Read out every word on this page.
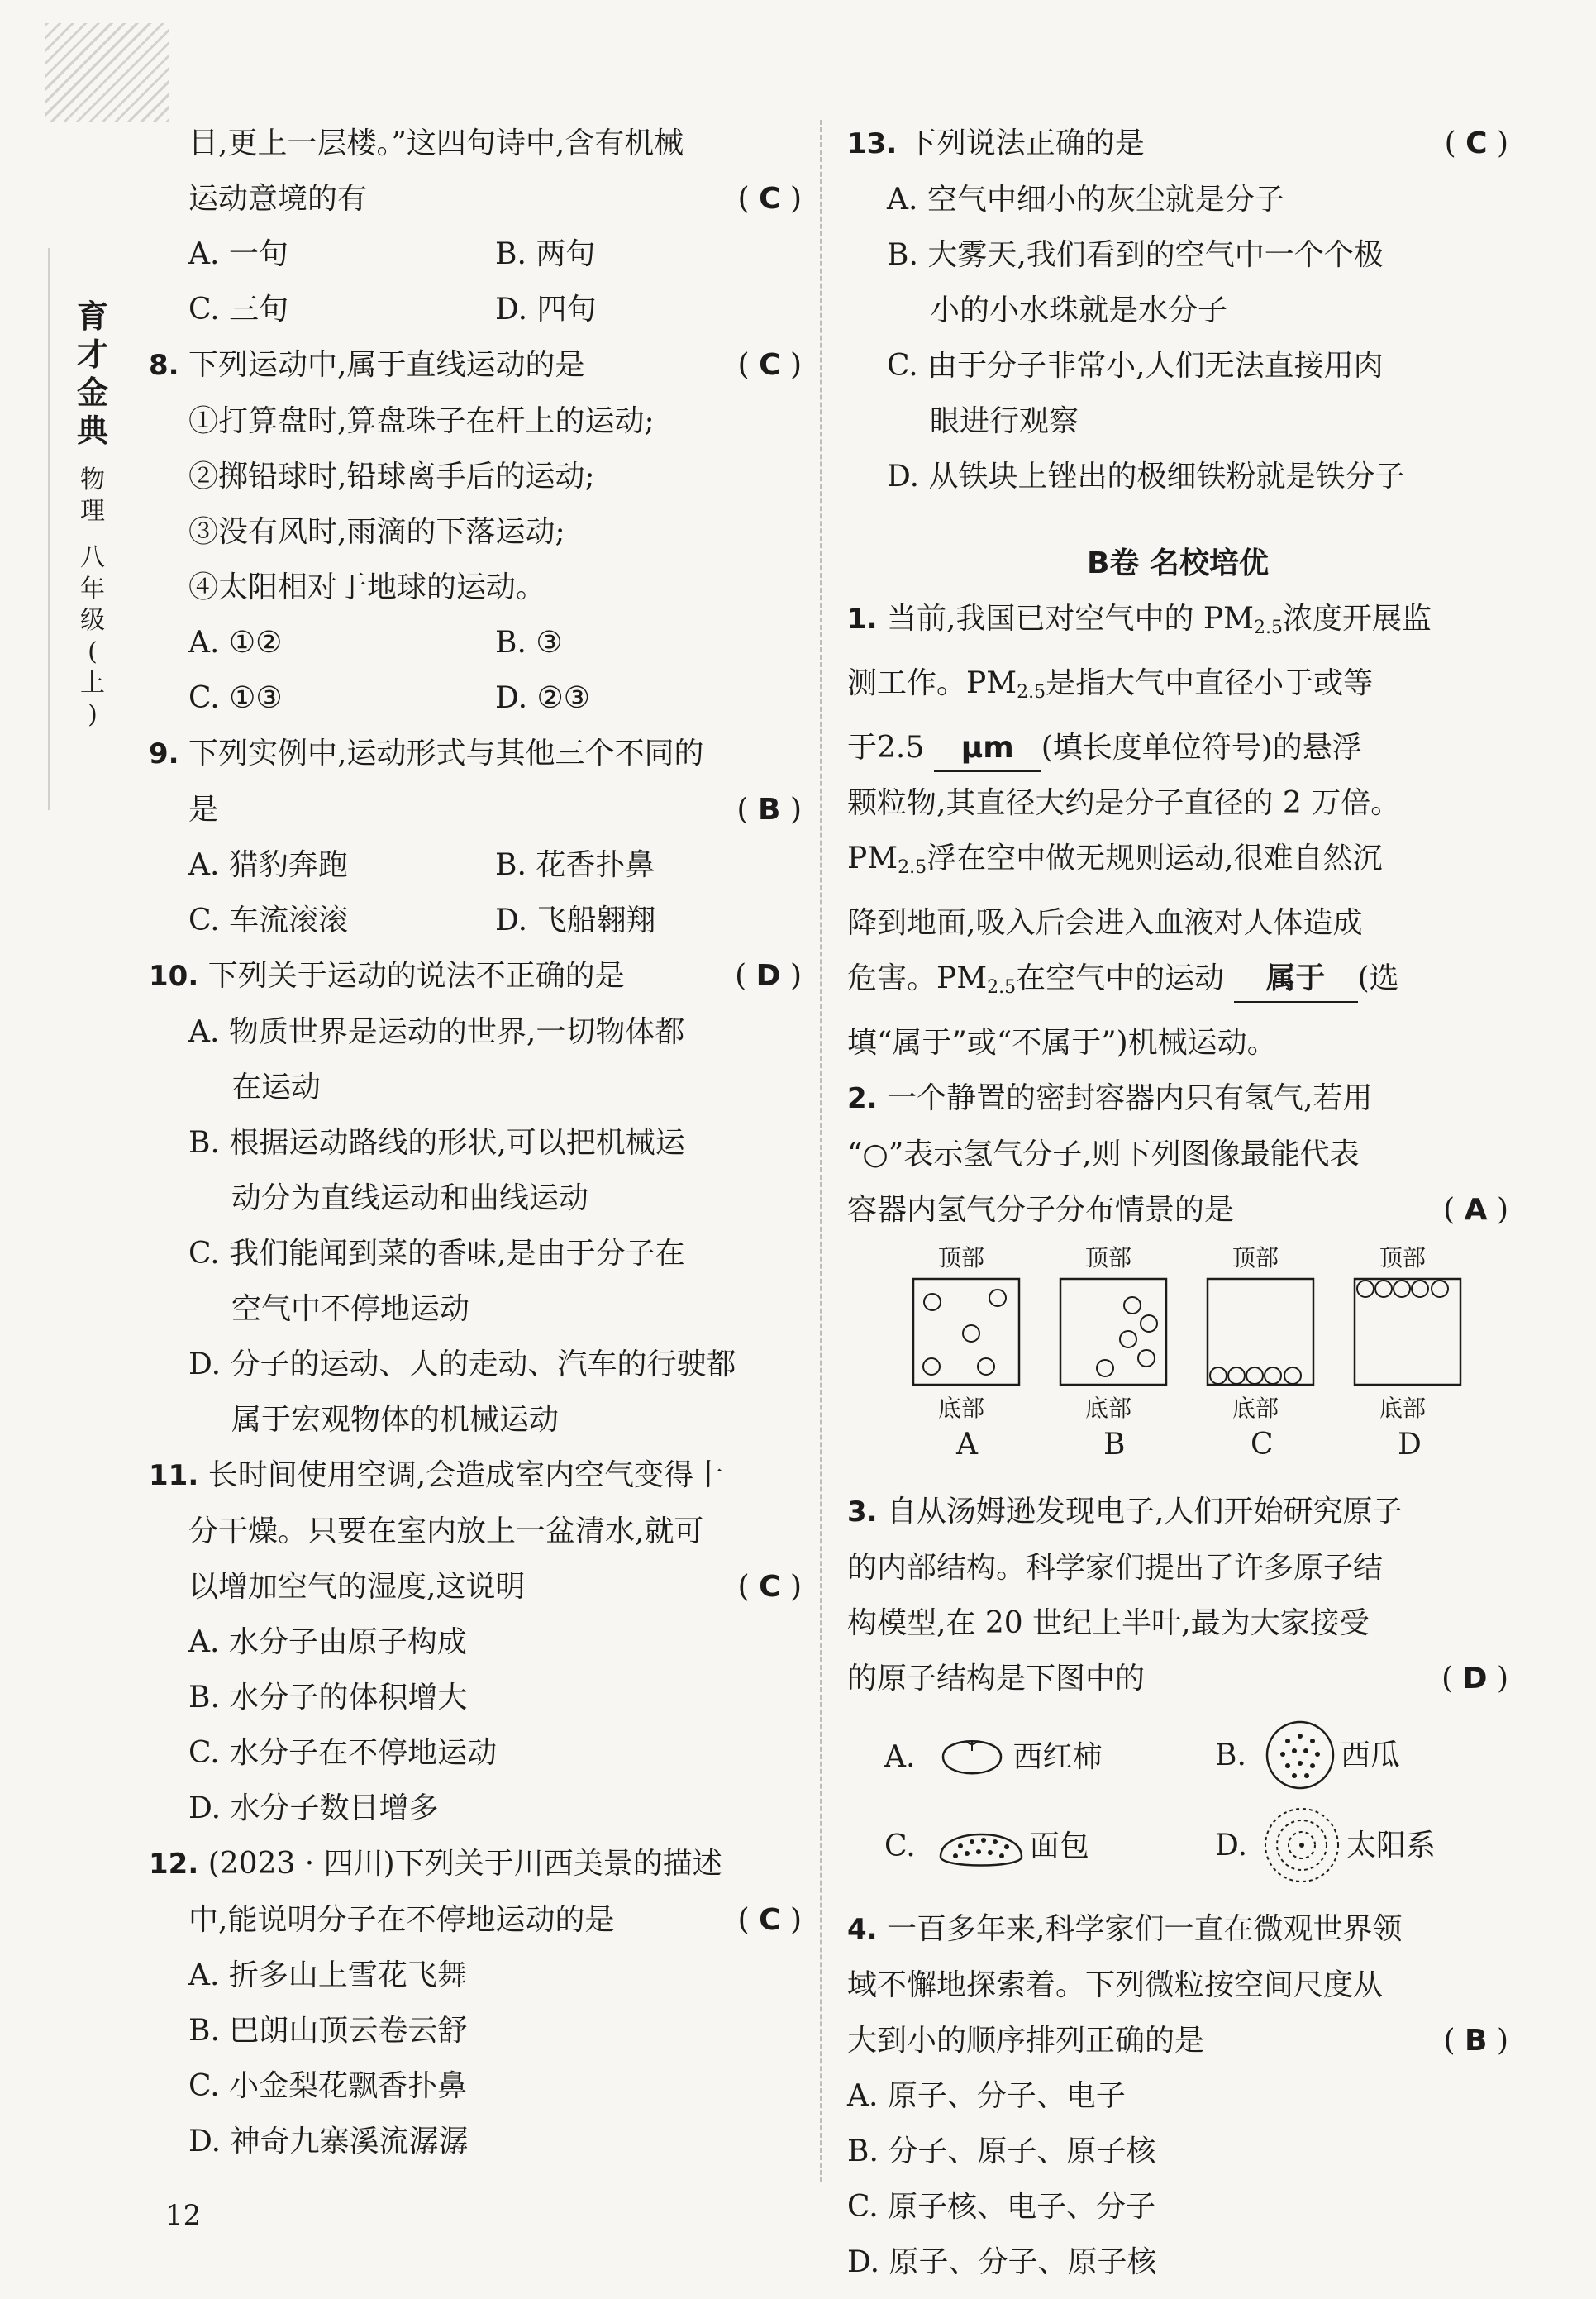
育
才
金
典
物
理
八
年
级
(
上
)
目,更上一层楼。”这四句诗中,含有机械
运动意境的有	( C )
A. 一句	B. 两句
C. 三句	D. 四句
8. 下列运动中,属于直线运动的是	( C )
①打算盘时,算盘珠子在杆上的运动;
②掷铅球时,铅球离手后的运动;
③没有风时,雨滴的下落运动;
④太阳相对于地球的运动。
A. ①②	B. ③
C. ①③	D. ②③
9. 下列实例中,运动形式与其他三个不同的
是	( B )
A. 猎豹奔跑	B. 花香扑鼻
C. 车流滚滚	D. 飞船翱翔
10. 下列关于运动的说法不正确的是	( D )
A. 物质世界是运动的世界,一切物体都
在运动
B. 根据运动路线的形状,可以把机械运
动分为直线运动和曲线运动
C. 我们能闻到菜的香味,是由于分子在
空气中不停地运动
D. 分子的运动、人的走动、汽车的行驶都
属于宏观物体的机械运动
11. 长时间使用空调,会造成室内空气变得十
分干燥。只要在室内放上一盆清水,就可
以增加空气的湿度,这说明	( C )
A. 水分子由原子构成
B. 水分子的体积增大
C. 水分子在不停地运动
D. 水分子数目增多
12. (2023 · 四川)下列关于川西美景的描述
中,能说明分子在不停地运动的是	( C )
A. 折多山上雪花飞舞
B. 巴朗山顶云卷云舒
C. 小金梨花飘香扑鼻
D. 神奇九寨溪流潺潺
13. 下列说法正确的是	( C )
A. 空气中细小的灰尘就是分子
B. 大雾天,我们看到的空气中一个个极
小的小水珠就是水分子
C. 由于分子非常小,人们无法直接用肉
眼进行观察
D. 从铁块上锉出的极细铁粉就是铁分子
B卷 名校培优
1. 当前,我国已对空气中的 PM2.5浓度开展监
测工作。PM2.5是指大气中直径小于或等
于2.5 μm (填长度单位符号)的悬浮
颗粒物,其直径大约是分子直径的 2 万倍。
PM2.5浮在空中做无规则运动,很难自然沉
降到地面,吸入后会进入血液对人体造成
危害。PM2.5在空气中的运动 属于 (选
填“属于”或“不属于”)机械运动。
2. 一个静置的密封容器内只有氢气,若用
“○”表示氢气分子,则下列图像最能代表
容器内氢气分子分布情景的是	( A )
顶部	顶部	顶部	顶部
底部	底部	底部	底部
A	B	C	D
3. 自从汤姆逊发现电子,人们开始研究原子
的内部结构。科学家们提出了许多原子结
构模型,在 20 世纪上半叶,最为大家接受
的原子结构是下图中的	( D )
A.	西红柿	B.	西瓜
C.	面包	D.	太阳系
4. 一百多年来,科学家们一直在微观世界领
域不懈地探索着。下列微粒按空间尺度从
大到小的顺序排列正确的是	( B )
A. 原子、分子、电子
B. 分子、原子、原子核
C. 原子核、电子、分子
D. 原子、分子、原子核
12
